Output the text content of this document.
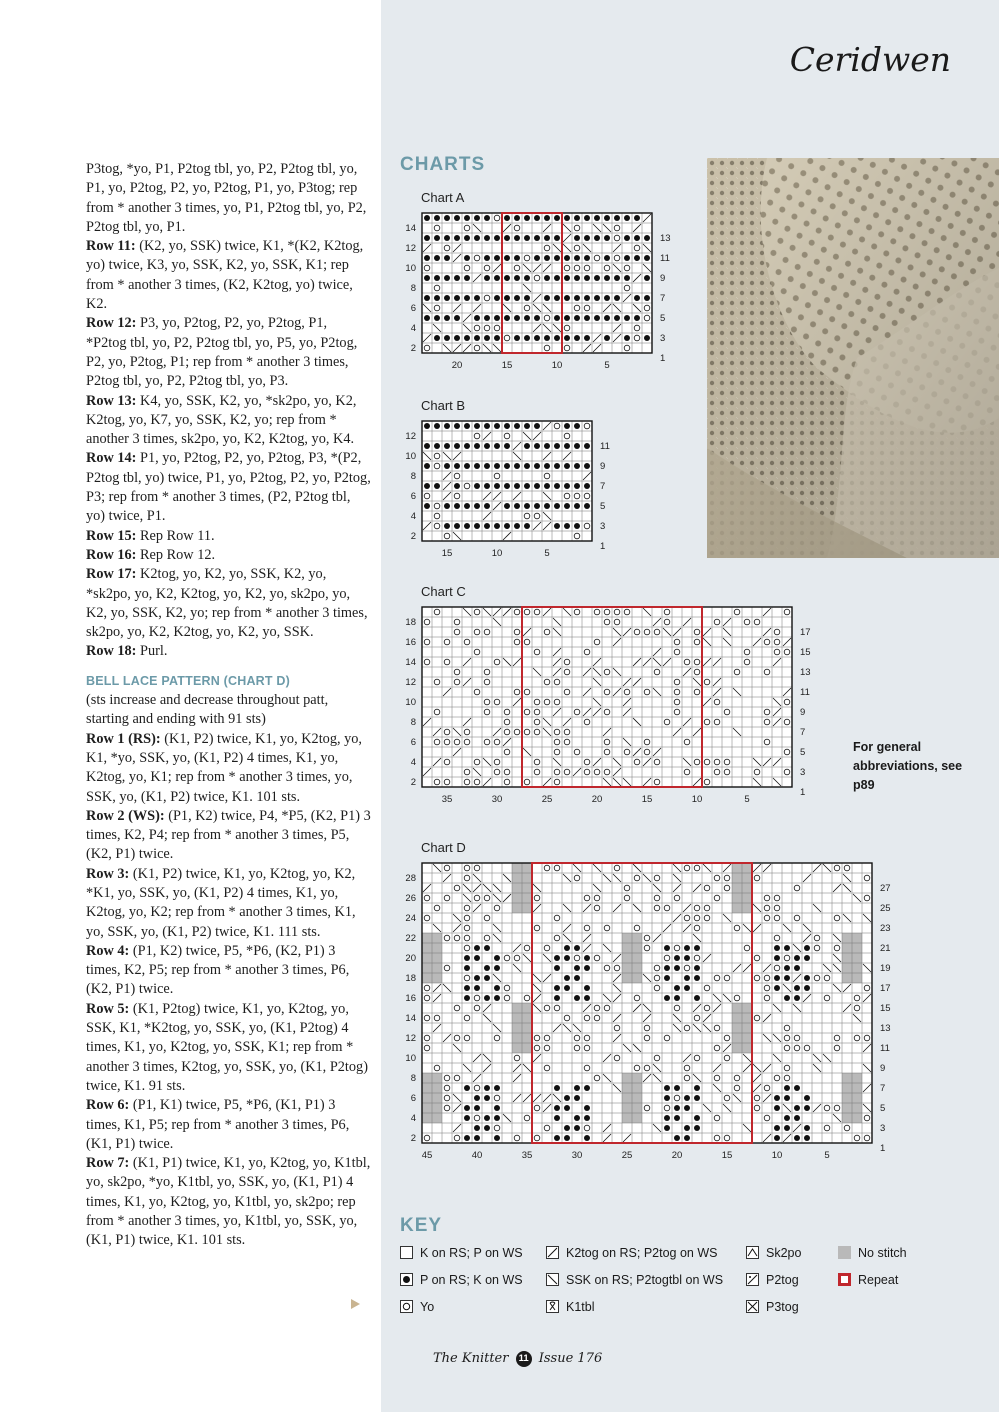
Ceridwen

P3tog, *yo, P1, P2tog tbl, yo, P2, P2tog tbl, yo, P1, yo, P2tog, P2, yo, P2tog, P1, yo, P3tog; rep from * another 3 times, yo, P1, P2tog tbl, yo, P2, P2tog tbl, yo, P1.

Row 11: (K2, yo, SSK) twice, K1, *(K2, K2tog, yo) twice, K3, yo, SSK, K2, yo, SSK, K1; rep from * another 3 times, (K2, K2tog, yo) twice, K2.

Row 12: P3, yo, P2tog, P2, yo, P2tog, P1, *P2tog tbl, yo, P2, P2tog tbl, yo, P5, yo, P2tog, P2, yo, P2tog, P1; rep from * another 3 times, P2tog tbl, yo, P2, P2tog tbl, yo, P3.

Row 13: K4, yo, SSK, K2, yo, *sk2po, yo, K2, K2tog, yo, K7, yo, SSK, K2, yo; rep from * another 3 times, sk2po, yo, K2, K2tog, yo, K4.

Row 14: P1, yo, P2tog, P2, yo, P2tog, P3, *(P2, P2tog tbl, yo) twice, P1, yo, P2tog, P2, yo, P2tog, P3; rep from * another 3 times, (P2, P2tog tbl, yo) twice, P1.

Row 15: Rep Row 11.

Row 16: Rep Row 12.

Row 17: K2tog, yo, K2, yo, SSK, K2, yo, *sk2po, yo, K2, K2tog, yo, K2, yo, sk2po, yo, K2, yo, SSK, K2, yo; rep from * another 3 times, sk2po, yo, K2, K2tog, yo, K2, yo, SSK.

Row 18: Purl.

BELL LACE PATTERN (CHART D)

(sts increase and decrease throughout patt, starting and ending with 91 sts)

Row 1 (RS): (K1, P2) twice, K1, yo, K2tog, yo, K1, *yo, SSK, yo, (K1, P2) 4 times, K1, yo, K2tog, yo, K1; rep from * another 3 times, yo, SSK, yo, (K1, P2) twice, K1. 101 sts.

Row 2 (WS): (P1, K2) twice, P4, *P5, (K2, P1) 3 times, K2, P4; rep from * another 3 times, P5, (K2, P1) twice.

Row 3: (K1, P2) twice, K1, yo, K2tog, yo, K2, *K1, yo, SSK, yo, (K1, P2) 4 times, K1, yo, K2tog, yo, K2; rep from * another 3 times, K1, yo, SSK, yo, (K1, P2) twice, K1. 111 sts.

Row 4: (P1, K2) twice, P5, *P6, (K2, P1) 3 times, K2, P5; rep from * another 3 times, P6, (K2, P1) twice.

Row 5: (K1, P2tog) twice, K1, yo, K2tog, yo, SSK, K1, *K2tog, yo, SSK, yo, (K1, P2tog) 4 times, K1, yo, K2tog, yo, SSK, K1; rep from * another 3 times, K2tog, yo, SSK, yo, (K1, P2tog) twice, K1. 91 sts.

Row 6: (P1, K1) twice, P5, *P6, (K1, P1) 3 times, K1, P5; rep from * another 3 times, P6, (K1, P1) twice.

Row 7: (K1, P1) twice, K1, yo, K2tog, yo, K1tbl, yo, sk2po, *yo, K1tbl, yo, SSK, yo, (K1, P1) 4 times, K1, yo, K2tog, yo, K1tbl, yo, sk2po; rep from * another 3 times, yo, K1tbl, yo, SSK, yo, (K1, P1) twice, K1. 101 sts.

CHARTS
Chart A
14
12
10
8
6
4
2
13
11
9
7
5
3
1
20	15	10	5
Chart B
12
10
8
6
4
2
11
9
7
5
3
1
15	10	5
Chart C
18
16
14
12
10
8
6
4
2
17
15
13
11
9
7
5
3
1
35	30	25	20	15	10	5
Chart D
28
26
24
22
20
18
16
14
12
10
8
6
4
2
27
25
23
21
19
17
15
13
11
9
7
5
3
1
45	40	35	30	25	20	15	10	5
For general abbreviations, see p89
KEY
K on RS; P on WS
P on RS; K on WS
Yo
K2tog on RS; P2tog on WS
SSK on RS; P2togtbl on WS
K1tbl
Sk2po
P2tog
P3tog
No stitch
Repeat
The Knitter 11 Issue 176
